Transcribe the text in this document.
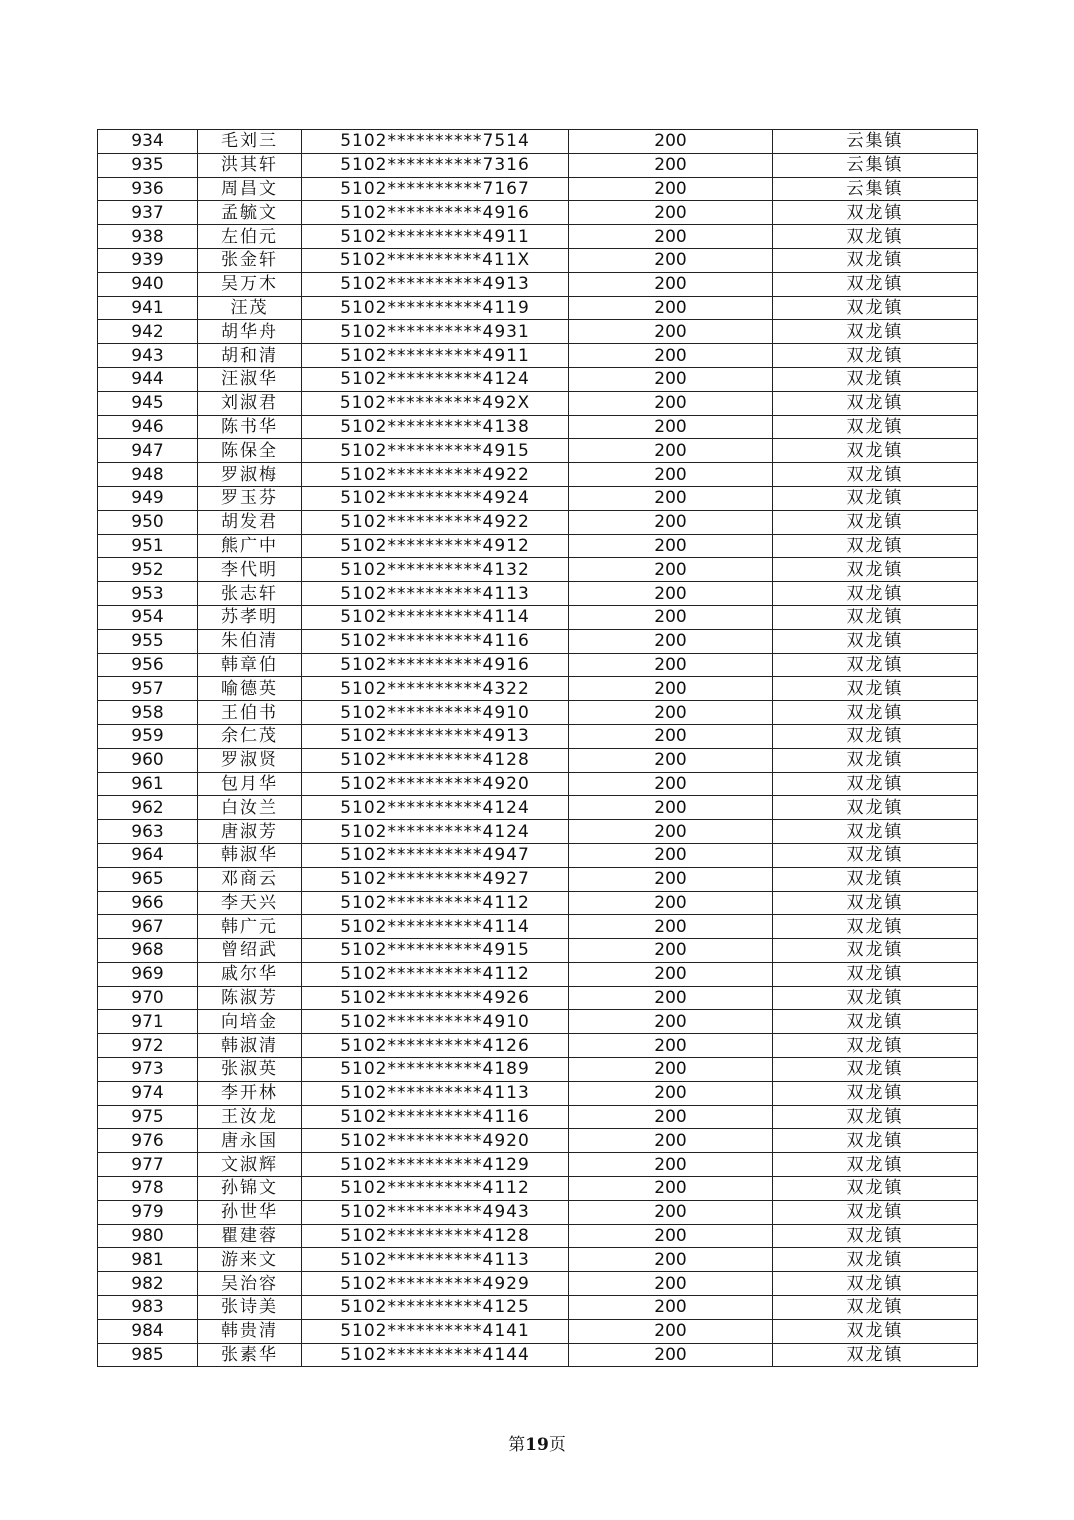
934	毛刘三	5102**********7514	200	云集镇
935	洪其轩	5102**********7316	200	云集镇
936	周昌文	5102**********7167	200	云集镇
937	孟毓文	5102**********4916	200	双龙镇
938	左伯元	5102**********4911	200	双龙镇
939	张金轩	5102**********411X	200	双龙镇
940	吴万木	5102**********4913	200	双龙镇
941	汪茂	5102**********4119	200	双龙镇
942	胡华舟	5102**********4931	200	双龙镇
943	胡和清	5102**********4911	200	双龙镇
944	汪淑华	5102**********4124	200	双龙镇
945	刘淑君	5102**********492X	200	双龙镇
946	陈书华	5102**********4138	200	双龙镇
947	陈保全	5102**********4915	200	双龙镇
948	罗淑梅	5102**********4922	200	双龙镇
949	罗玉芬	5102**********4924	200	双龙镇
950	胡发君	5102**********4922	200	双龙镇
951	熊广中	5102**********4912	200	双龙镇
952	李代明	5102**********4132	200	双龙镇
953	张志轩	5102**********4113	200	双龙镇
954	苏孝明	5102**********4114	200	双龙镇
955	朱伯清	5102**********4116	200	双龙镇
956	韩章伯	5102**********4916	200	双龙镇
957	喻德英	5102**********4322	200	双龙镇
958	王伯书	5102**********4910	200	双龙镇
959	余仁茂	5102**********4913	200	双龙镇
960	罗淑贤	5102**********4128	200	双龙镇
961	包月华	5102**********4920	200	双龙镇
962	白汝兰	5102**********4124	200	双龙镇
963	唐淑芳	5102**********4124	200	双龙镇
964	韩淑华	5102**********4947	200	双龙镇
965	邓商云	5102**********4927	200	双龙镇
966	李天兴	5102**********4112	200	双龙镇
967	韩广元	5102**********4114	200	双龙镇
968	曾绍武	5102**********4915	200	双龙镇
969	戚尔华	5102**********4112	200	双龙镇
970	陈淑芳	5102**********4926	200	双龙镇
971	向培金	5102**********4910	200	双龙镇
972	韩淑清	5102**********4126	200	双龙镇
973	张淑英	5102**********4189	200	双龙镇
974	李开林	5102**********4113	200	双龙镇
975	王汝龙	5102**********4116	200	双龙镇
976	唐永国	5102**********4920	200	双龙镇
977	文淑辉	5102**********4129	200	双龙镇
978	孙锦文	5102**********4112	200	双龙镇
979	孙世华	5102**********4943	200	双龙镇
980	瞿建蓉	5102**********4128	200	双龙镇
981	游来文	5102**********4113	200	双龙镇
982	吴治容	5102**********4929	200	双龙镇
983	张诗美	5102**********4125	200	双龙镇
984	韩贵清	5102**********4141	200	双龙镇
985	张素华	5102**********4144	200	双龙镇
第19页
